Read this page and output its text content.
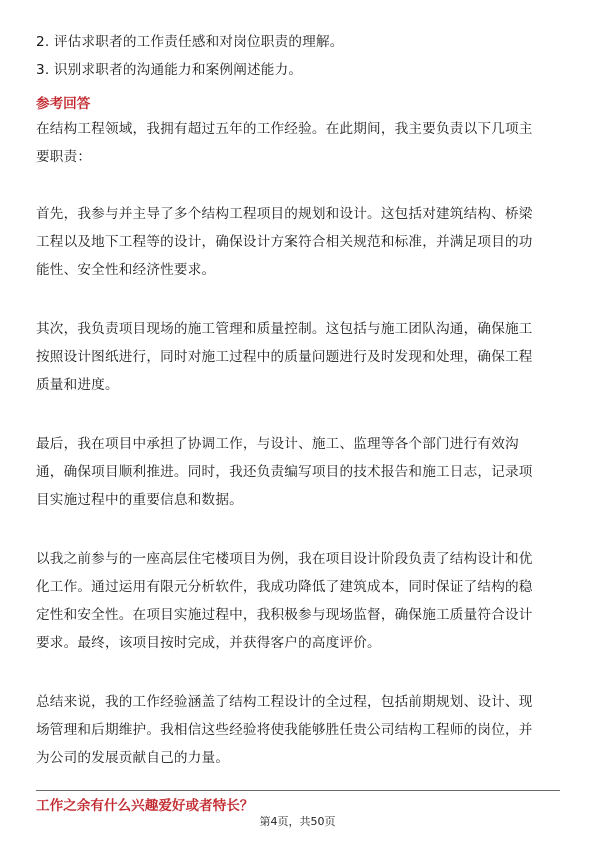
2. 评估求职者的工作责任感和对岗位职责的理解。
3. 识别求职者的沟通能力和案例阐述能力。
参考回答
在结构工程领域，我拥有超过五年的工作经验。在此期间，我主要负责以下几项主
要职责：
首先，我参与并主导了多个结构工程项目的规划和设计。这包括对建筑结构、桥梁
工程以及地下工程等的设计，确保设计方案符合相关规范和标准，并满足项目的功
能性、安全性和经济性要求。
其次，我负责项目现场的施工管理和质量控制。这包括与施工团队沟通，确保施工
按照设计图纸进行，同时对施工过程中的质量问题进行及时发现和处理，确保工程
质量和进度。
最后，我在项目中承担了协调工作，与设计、施工、监理等各个部门进行有效沟
通，确保项目顺利推进。同时，我还负责编写项目的技术报告和施工日志，记录项
目实施过程中的重要信息和数据。
以我之前参与的一座高层住宅楼项目为例，我在项目设计阶段负责了结构设计和优
化工作。通过运用有限元分析软件，我成功降低了建筑成本，同时保证了结构的稳
定性和安全性。在项目实施过程中，我积极参与现场监督，确保施工质量符合设计
要求。最终，该项目按时完成，并获得客户的高度评价。
总结来说，我的工作经验涵盖了结构工程设计的全过程，包括前期规划、设计、现
场管理和后期维护。我相信这些经验将使我能够胜任贵公司结构工程师的岗位，并
为公司的发展贡献自己的力量。
工作之余有什么兴趣爱好或者特长？
第4页，共50页
